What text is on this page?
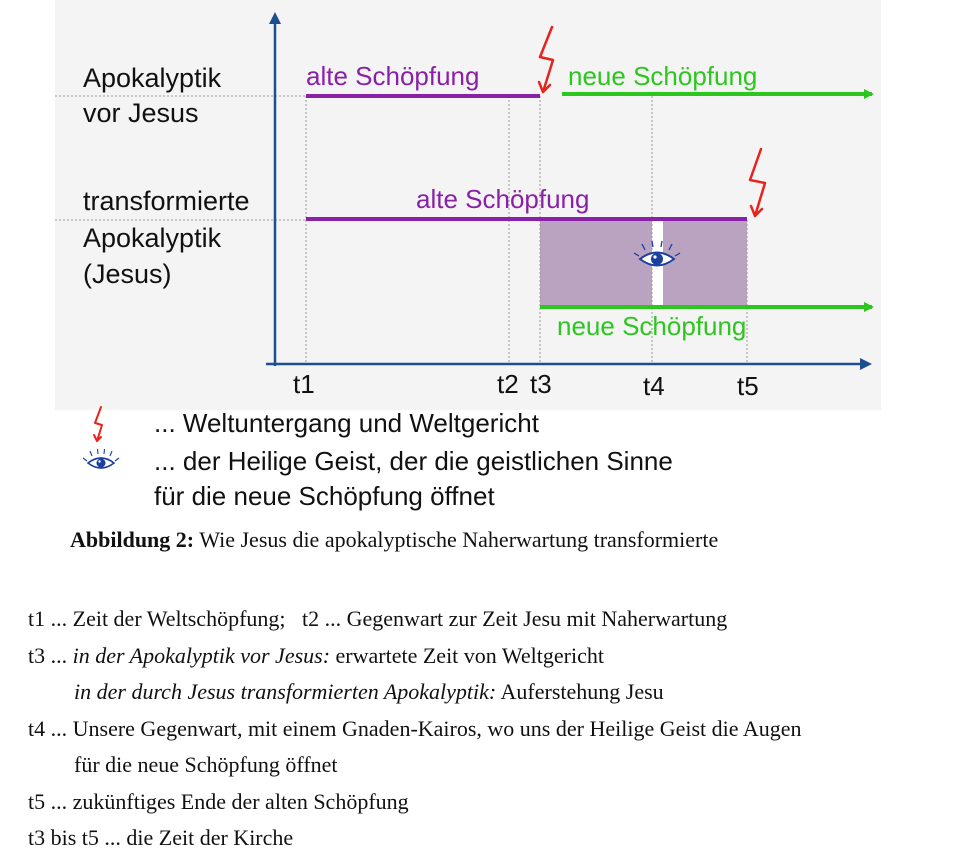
Apokalyptik
vor Jesus
transformierte
Apokalyptik
(Jesus)
alte Schöpfung	neue Schöpfung
alte Schöpfung
neue Schöpfung
t1	t2 t3	t4	t5
... Weltuntergang und Weltgericht
... der Heilige Geist, der die geistlichen Sinne
für die neue Schöpfung öffnet
Abbildung 2: Wie Jesus die apokalyptische Naherwartung transformierte
t1 ... Zeit der Weltschöpfung; t2 ... Gegenwart zur Zeit Jesu mit Naherwartung
t3 ... in der Apokalyptik vor Jesus: erwartete Zeit von Weltgericht
in der durch Jesus transformierten Apokalyptik: Auferstehung Jesu
t4 ... Unsere Gegenwart, mit einem Gnaden-Kairos, wo uns der Heilige Geist die Augen
für die neue Schöpfung öffnet
t5 ... zukünftiges Ende der alten Schöpfung
t3 bis t5 ... die Zeit der Kirche
